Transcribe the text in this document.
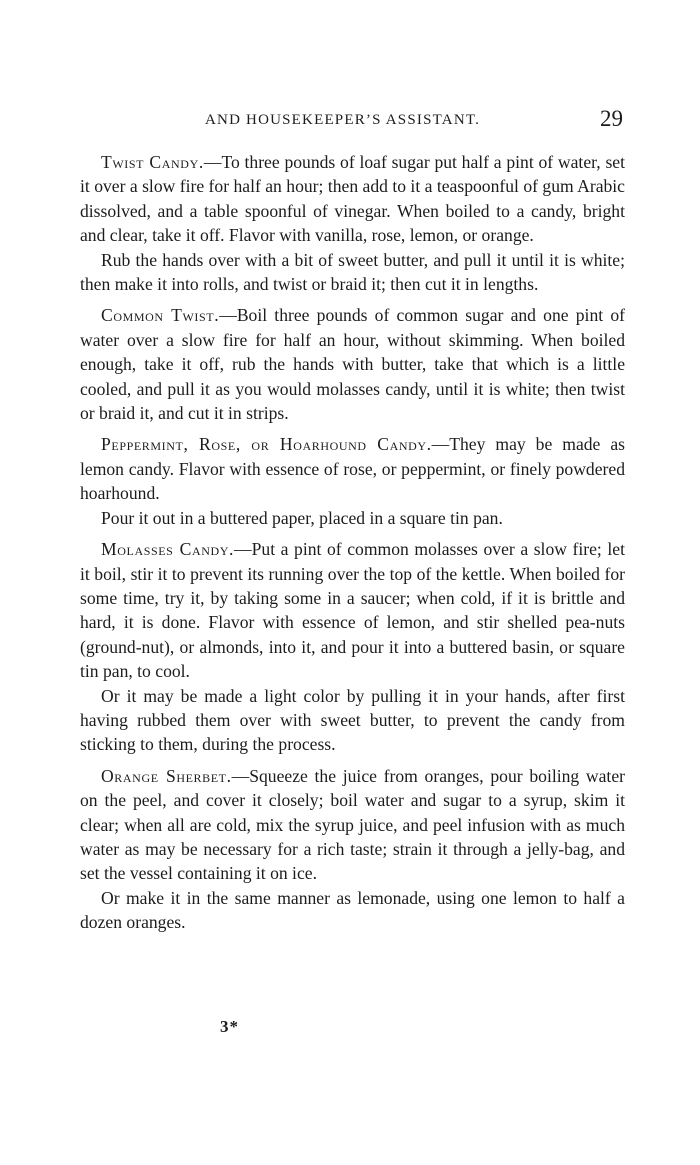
AND HOUSEKEEPER’S ASSISTANT.	29

Twist Candy.—To three pounds of loaf sugar put half a pint of water, set it over a slow fire for half an hour; then add to it a teaspoonful of gum Arabic dissolved, and a table spoonful of vinegar. When boiled to a candy, bright and clear, take it off. Flavor with vanilla, rose, lemon, or orange.

Rub the hands over with a bit of sweet butter, and pull it until it is white; then make it into rolls, and twist or braid it; then cut it in lengths.

Common Twist.—Boil three pounds of common sugar and one pint of water over a slow fire for half an hour, without skimming. When boiled enough, take it off, rub the hands with butter, take that which is a little cooled, and pull it as you would molasses candy, until it is white; then twist or braid it, and cut it in strips.

Peppermint, Rose, or Hoarhound Candy.—They may be made as lemon candy. Flavor with essence of rose, or peppermint, or finely powdered hoarhound.

Pour it out in a buttered paper, placed in a square tin pan.

Molasses Candy.—Put a pint of common molasses over a slow fire; let it boil, stir it to prevent its running over the top of the kettle. When boiled for some time, try it, by taking some in a saucer; when cold, if it is brittle and hard, it is done. Flavor with essence of lemon, and stir shelled pea-nuts (ground-nut), or almonds, into it, and pour it into a buttered basin, or square tin pan, to cool.

Or it may be made a light color by pulling it in your hands, after first having rubbed them over with sweet butter, to prevent the candy from sticking to them, during the process.

Orange Sherbet.—Squeeze the juice from oranges, pour boiling water on the peel, and cover it closely; boil water and sugar to a syrup, skim it clear; when all are cold, mix the syrup juice, and peel infusion with as much water as may be necessary for a rich taste; strain it through a jelly-bag, and set the vessel containing it on ice.

Or make it in the same manner as lemonade, using one lemon to half a dozen oranges.

3*
